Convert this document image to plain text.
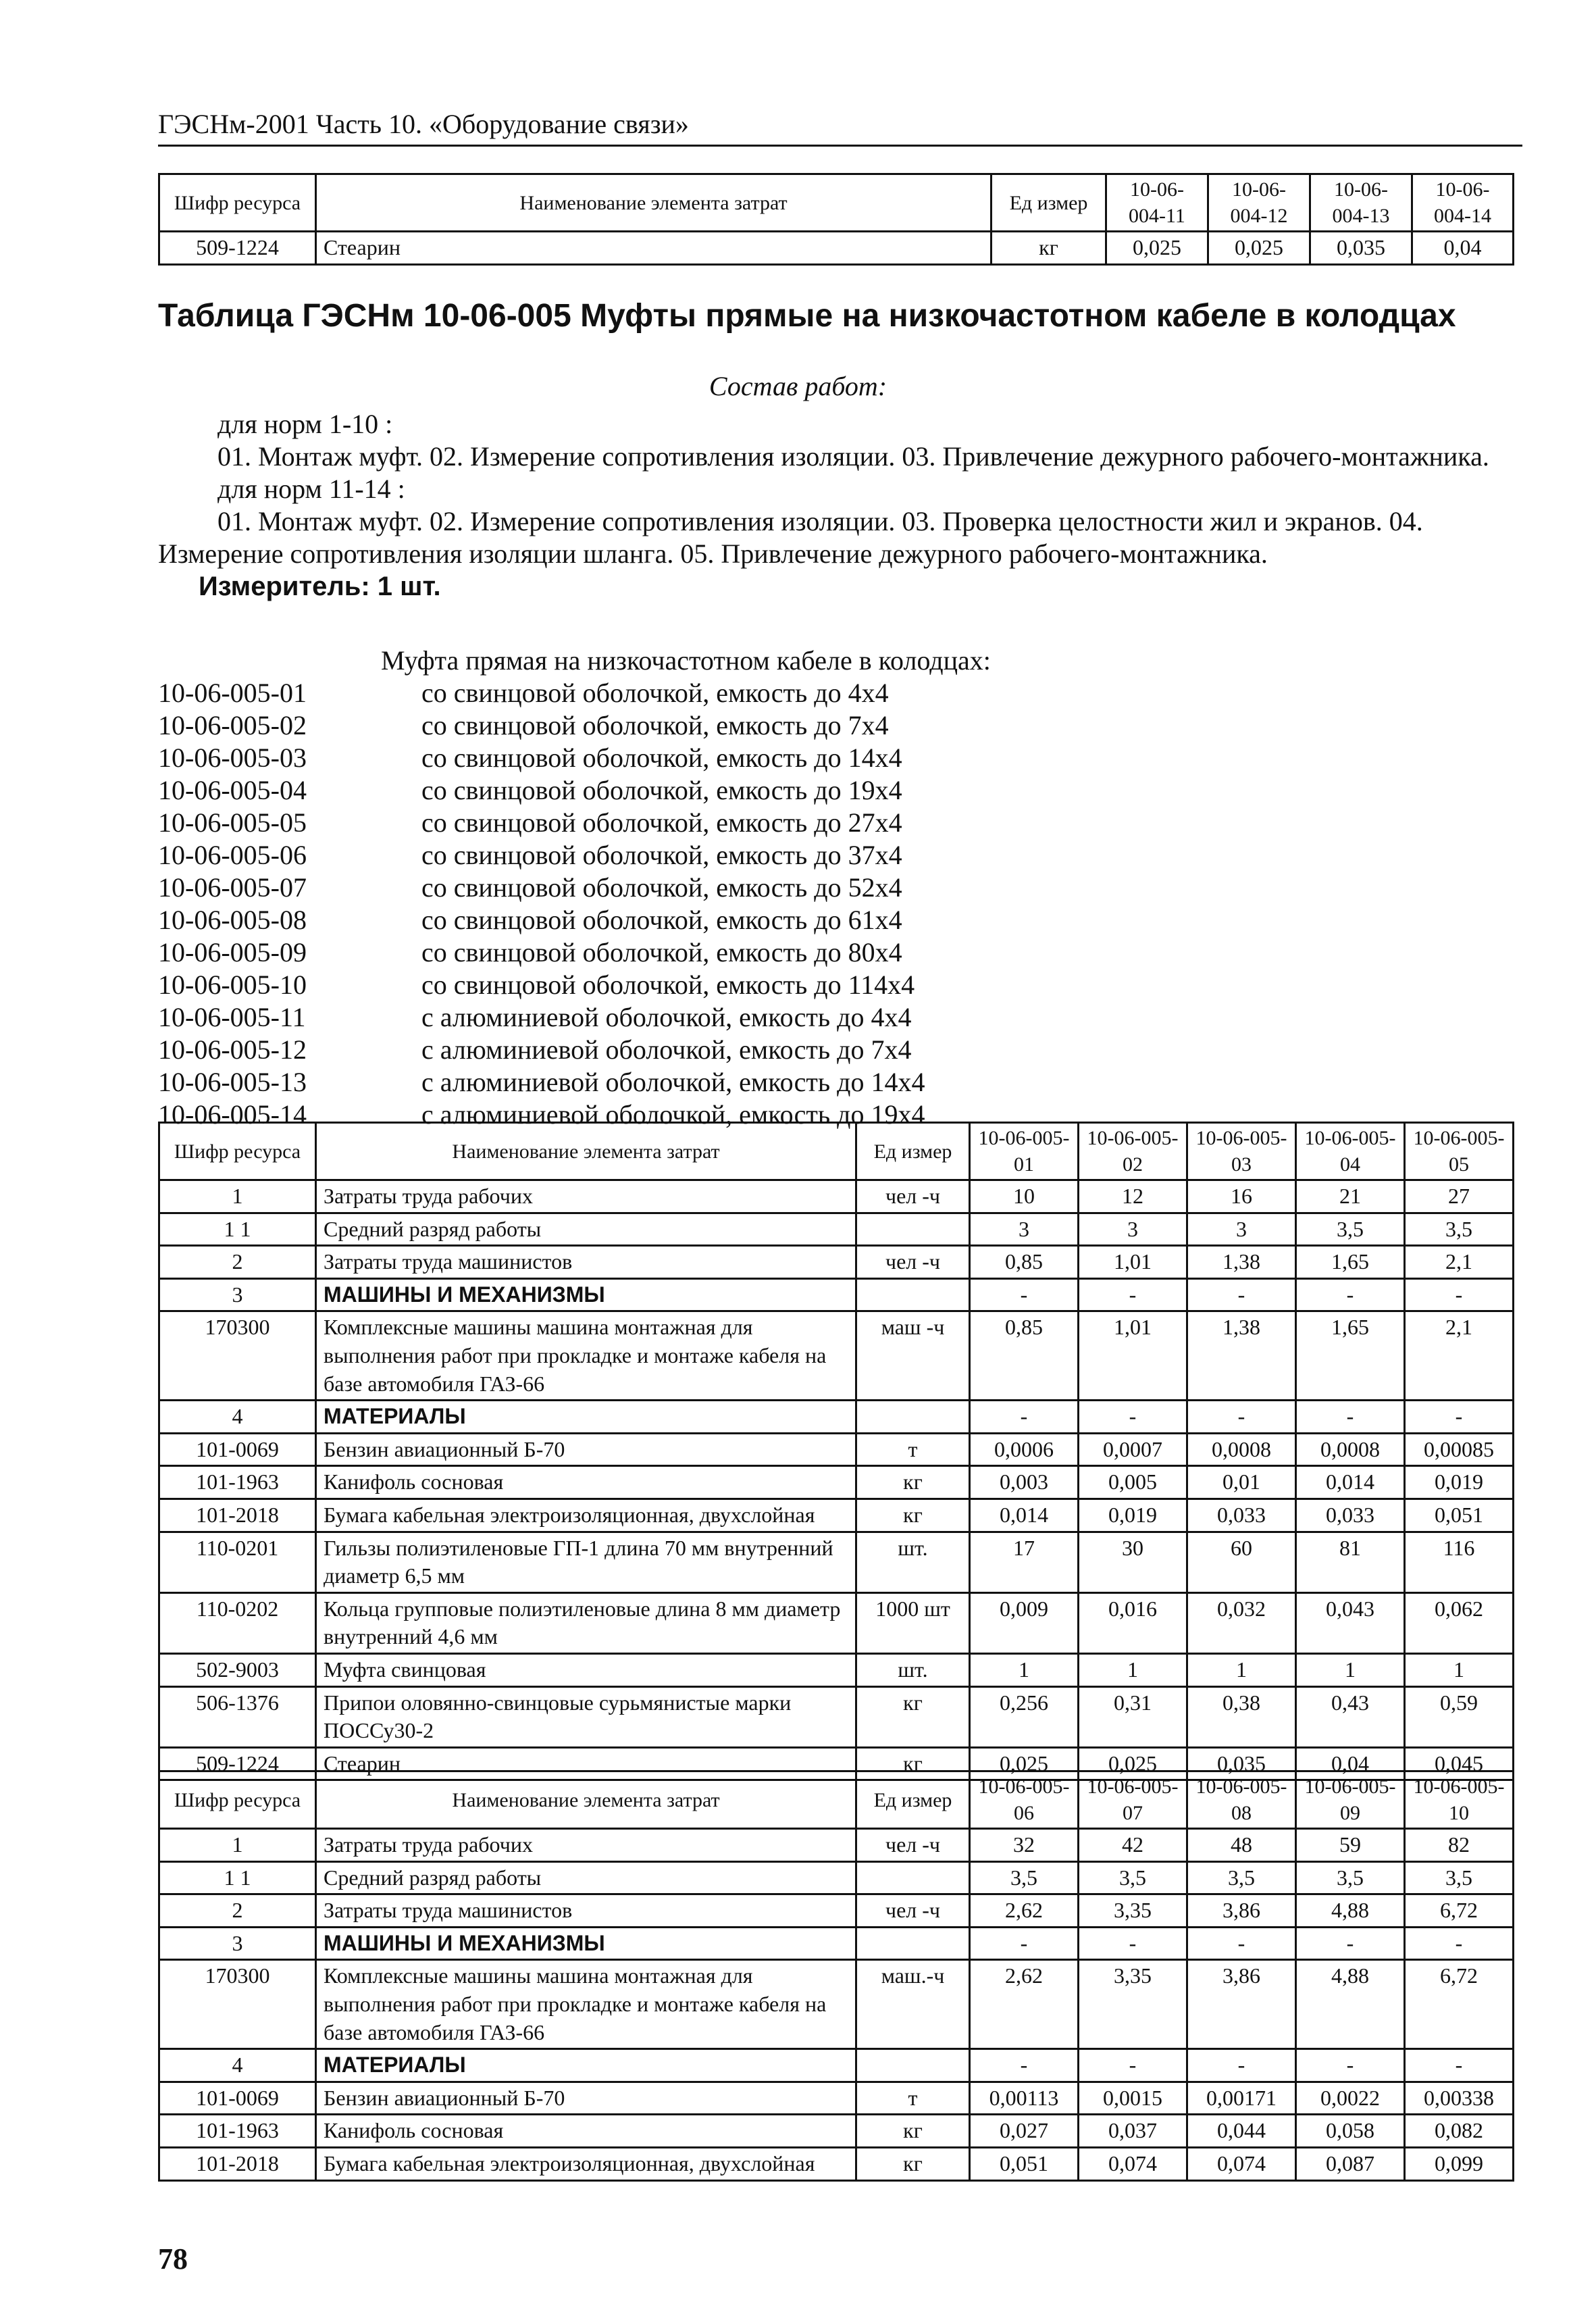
ГЭСНм-2001 Часть 10. «Оборудование связи»
Шифр ресурса	Наименование элемента затрат	Ед измер	10-06-004-11	10-06-004-12	10-06-004-13	10-06-004-14
509-1224	Стеарин	кг	0,025	0,025	0,035	0,04
Таблица ГЭСНм 10-06-005 Муфты прямые на низкочастотном кабеле в колодцах
Состав работ:

для норм 1-10 :

01. Монтаж муфт. 02. Измерение сопротивления изоляции. 03. Привлечение дежурного рабочего-монтажника.

для норм 11-14 :

01. Монтаж муфт. 02. Измерение сопротивления изоляции. 03. Проверка целостности жил и экранов. 04. Измерение сопротивления изоляции шланга. 05. Привлечение дежурного рабочего-монтажника.

Измеритель: 1 шт.

Муфта прямая на низкочастотном кабеле в колодцах:
10-06-005-01	со свинцовой оболочкой, емкость до 4х4
10-06-005-02	со свинцовой оболочкой, емкость до 7х4
10-06-005-03	со свинцовой оболочкой, емкость до 14х4
10-06-005-04	со свинцовой оболочкой, емкость до 19х4
10-06-005-05	со свинцовой оболочкой, емкость до 27х4
10-06-005-06	со свинцовой оболочкой, емкость до 37х4
10-06-005-07	со свинцовой оболочкой, емкость до 52х4
10-06-005-08	со свинцовой оболочкой, емкость до 61х4
10-06-005-09	со свинцовой оболочкой, емкость до 80х4
10-06-005-10	со свинцовой оболочкой, емкость до 114х4
10-06-005-11	с алюминиевой оболочкой, емкость до 4х4
10-06-005-12	с алюминиевой оболочкой, емкость до 7х4
10-06-005-13	с алюминиевой оболочкой, емкость до 14х4
10-06-005-14	с алюминиевой оболочкой, емкость до 19х4
Шифр ресурса	Наименование элемента затрат	Ед измер	10-06-005-01	10-06-005-02	10-06-005-03	10-06-005-04	10-06-005-05
1	Затраты труда рабочих	чел -ч	10	12	16	21	27
1 1	Средний разряд работы		3	3	3	3,5	3,5
2	Затраты труда машинистов	чел -ч	0,85	1,01	1,38	1,65	2,1
3	МАШИНЫ И МЕХАНИЗМЫ		-	-	-	-	-
170300	Комплексные машины машина монтажная для выполнения работ при прокладке и монтаже кабеля на базе автомобиля ГАЗ-66	маш -ч	0,85	1,01	1,38	1,65	2,1
4	МАТЕРИАЛЫ		-	-	-	-	-
101-0069	Бензин авиационный Б-70	т	0,0006	0,0007	0,0008	0,0008	0,00085
101-1963	Канифоль сосновая	кг	0,003	0,005	0,01	0,014	0,019
101-2018	Бумага кабельная электроизоляционная, двухслойная	кг	0,014	0,019	0,033	0,033	0,051
110-0201	Гильзы полиэтиленовые ГП-1 длина 70 мм внутренний диаметр 6,5 мм	шт.	17	30	60	81	116
110-0202	Кольца групповые полиэтиленовые длина 8 мм диаметр внутренний 4,6 мм	1000 шт	0,009	0,016	0,032	0,043	0,062
502-9003	Муфта свинцовая	шт.	1	1	1	1	1
506-1376	Припои оловянно-свинцовые сурьмянистые марки ПОССу30-2	кг	0,256	0,31	0,38	0,43	0,59
509-1224	Стеарин	кг	0,025	0,025	0,035	0,04	0,045
Шифр ресурса	Наименование элемента затрат	Ед измер	10-06-005-06	10-06-005-07	10-06-005-08	10-06-005-09	10-06-005-10
1	Затраты труда рабочих	чел -ч	32	42	48	59	82
1 1	Средний разряд работы		3,5	3,5	3,5	3,5	3,5
2	Затраты труда машинистов	чел -ч	2,62	3,35	3,86	4,88	6,72
3	МАШИНЫ И МЕХАНИЗМЫ		-	-	-	-	-
170300	Комплексные машины машина монтажная для выполнения работ при прокладке и монтаже кабеля на базе автомобиля ГАЗ-66	маш.-ч	2,62	3,35	3,86	4,88	6,72
4	МАТЕРИАЛЫ		-	-	-	-	-
101-0069	Бензин авиационный Б-70	т	0,00113	0,0015	0,00171	0,0022	0,00338
101-1963	Канифоль сосновая	кг	0,027	0,037	0,044	0,058	0,082
101-2018	Бумага кабельная электроизоляционная, двухслойная	кг	0,051	0,074	0,074	0,087	0,099
78
